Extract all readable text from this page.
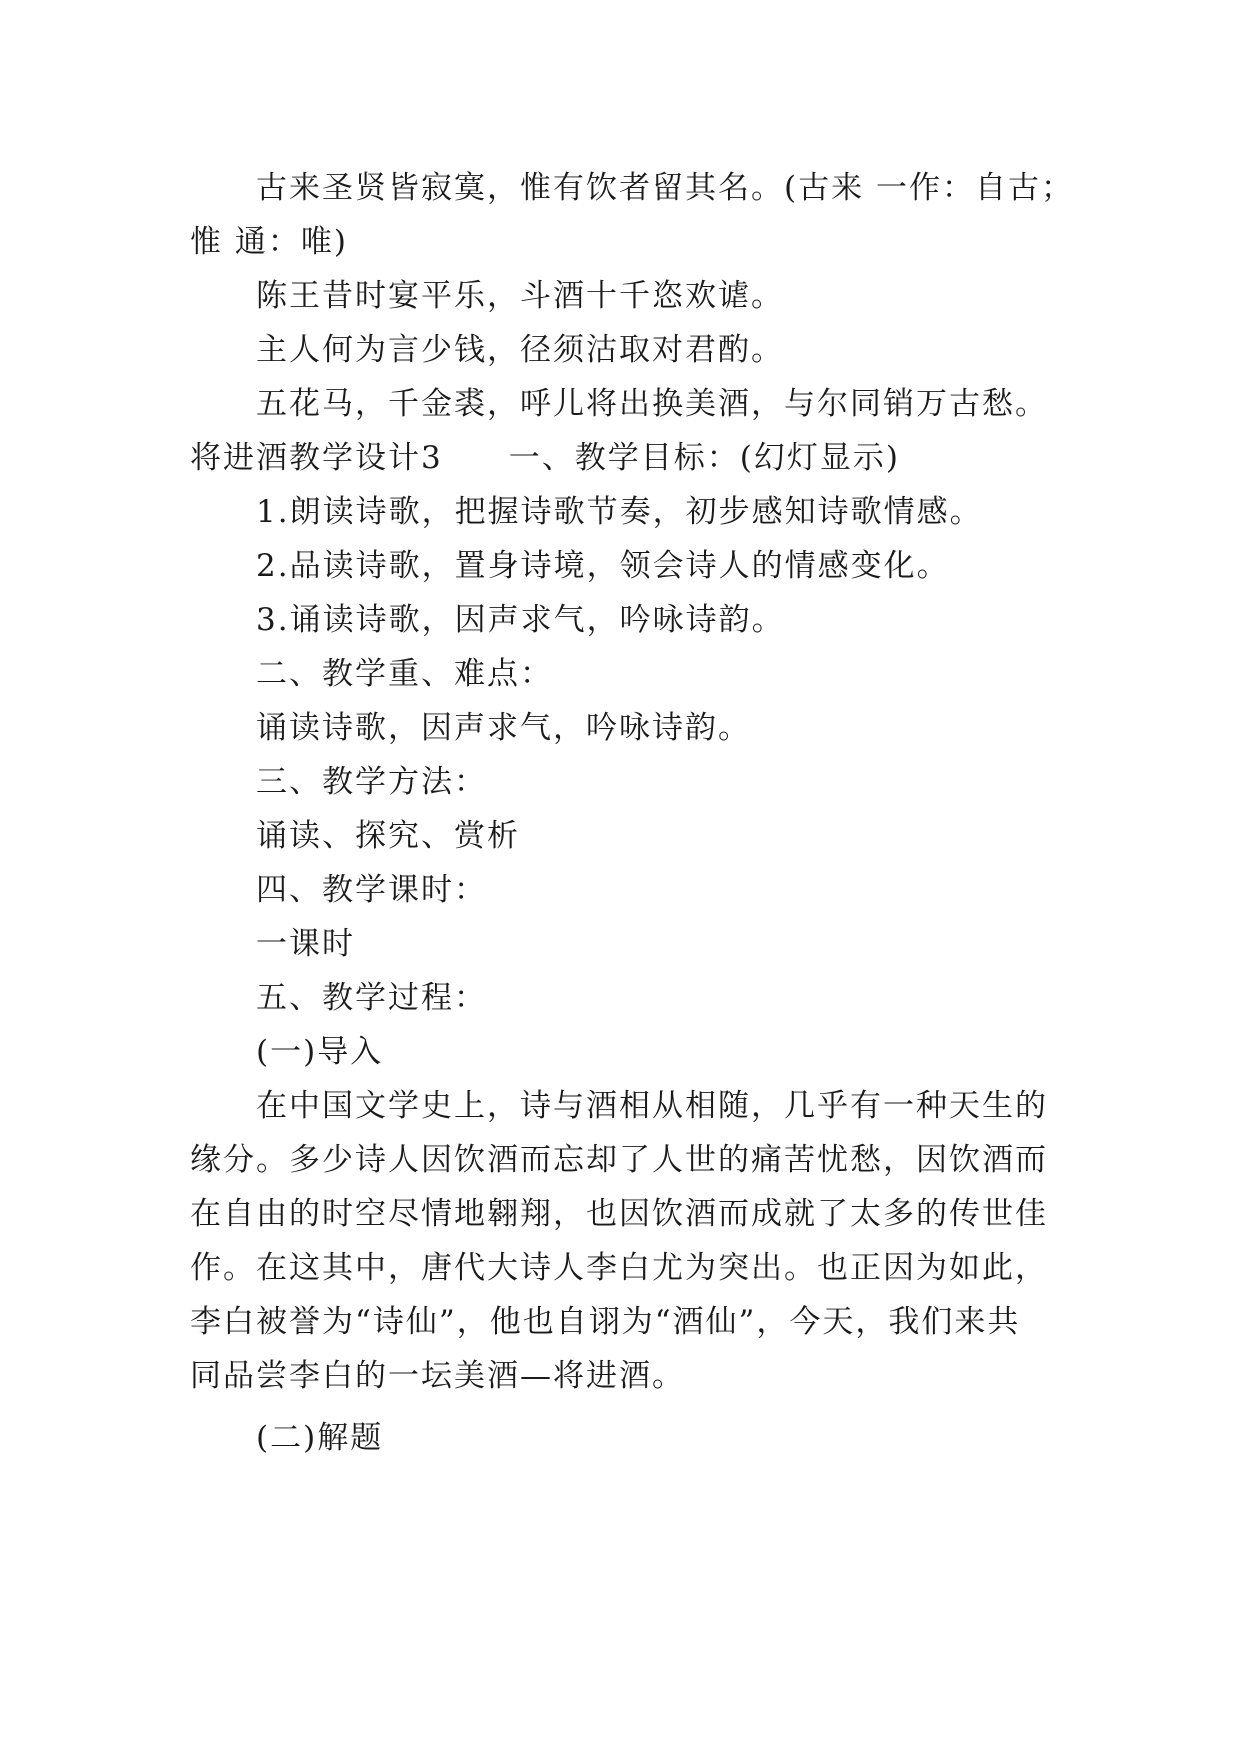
古来圣贤皆寂寞，惟有饮者留其名。(古来 一作：自古；
惟 通：唯)
陈王昔时宴平乐，斗酒十千恣欢谑。
主人何为言少钱，径须沽取对君酌。
五花马，千金裘，呼儿将出换美酒，与尔同销万古愁。
将进酒教学设计3　　一、教学目标：(幻灯显示)
1.朗读诗歌，把握诗歌节奏，初步感知诗歌情感。
2.品读诗歌，置身诗境，领会诗人的情感变化。
3.诵读诗歌，因声求气，吟咏诗韵。
二、教学重、难点：
诵读诗歌，因声求气，吟咏诗韵。
三、教学方法：
诵读、探究、赏析
四、教学课时：
一课时
五、教学过程：
(一)导入
在中国文学史上，诗与酒相从相随，几乎有一种天生的
缘分。多少诗人因饮酒而忘却了人世的痛苦忧愁，因饮酒而
在自由的时空尽情地翱翔，也因饮酒而成就了太多的传世佳
作。在这其中，唐代大诗人李白尤为突出。也正因为如此，
李白被誉为“诗仙”，他也自诩为“酒仙”，今天，我们来共
同品尝李白的一坛美酒—将进酒。
(二)解题
